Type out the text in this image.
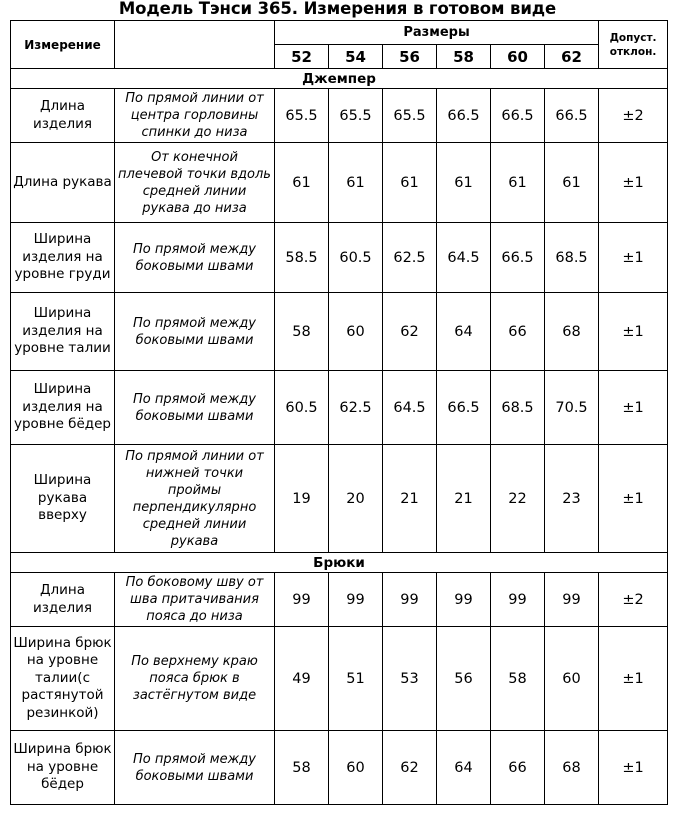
Модель Тэнси 365. Измерения в готовом виде
Измерение		Размеры						Допуст.
отклон.

		52	54	56	58	60	62	
Джемпер								
Длина изделия	По прямой линии от центра горловины спинки до низа	65.5	65.5	65.5	66.5	66.5	66.5	±2
Длина рукава	От конечной плечевой точки вдоль средней линии рукава до низа	61	61	61	61	61	61	±1
Ширина изделия на уровне груди	По прямой между боковыми швами	58.5	60.5	62.5	64.5	66.5	68.5	±1
Ширина изделия на уровне талии	По прямой между боковыми швами	58	60	62	64	66	68	±1
Ширина изделия на уровне бёдер	По прямой между боковыми швами	60.5	62.5	64.5	66.5	68.5	70.5	±1
Ширина рукава вверху	По прямой линии от нижней точки проймы перпендикулярно средней линии рукава	19	20	21	21	22	23	±1
Брюки								
Длина изделия	По боковому шву от шва притачивания пояса до низа	99	99	99	99	99	99	±2
Ширина брюк на уровне талии(с растянутой резинкой)	По верхнему краю пояса брюк в застёгнутом виде	49	51	53	56	58	60	±1
Ширина брюк на уровне бёдер	По прямой между боковыми швами	58	60	62	64	66	68	±1
